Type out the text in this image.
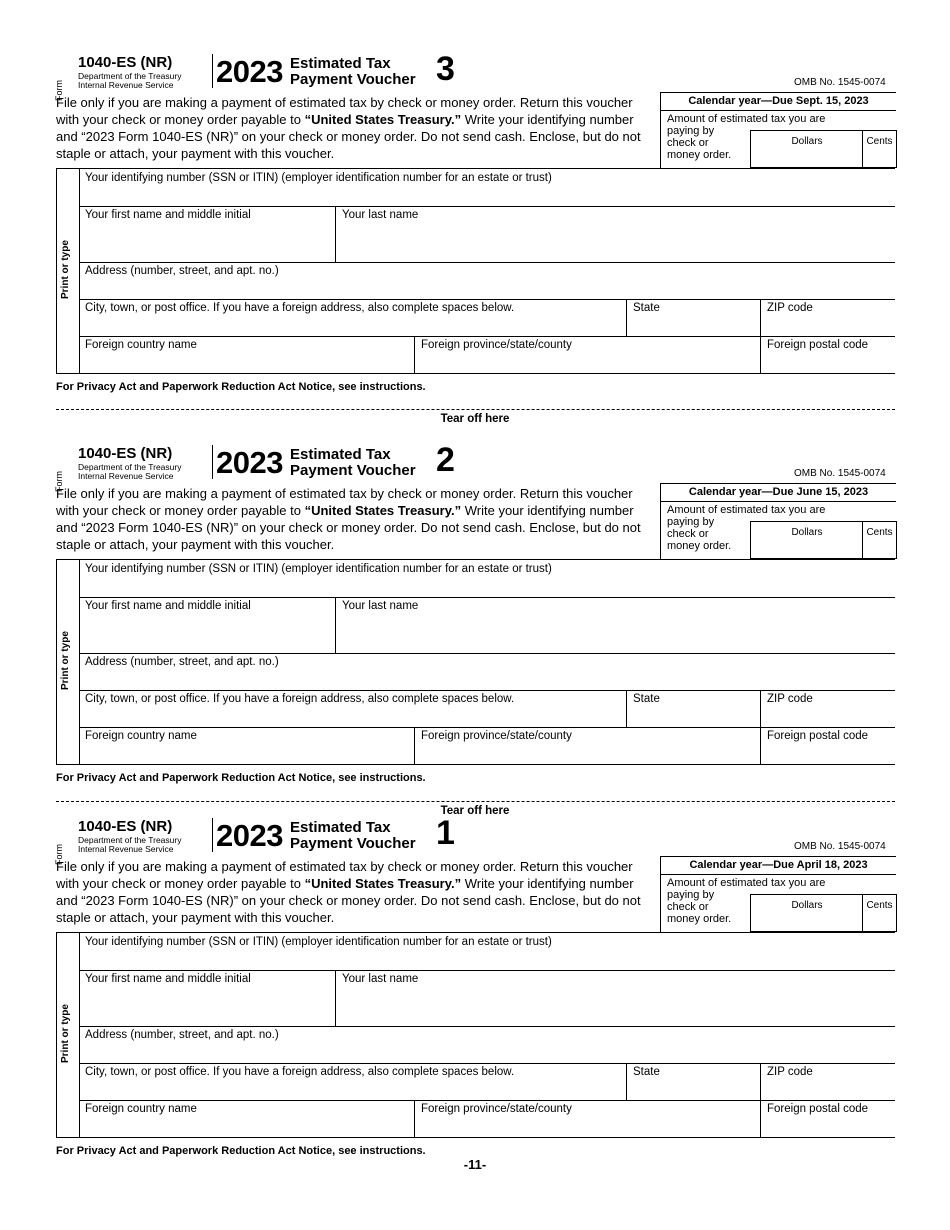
Form
1040-ES (NR)
Department of the Treasury
Internal Revenue Service 2023 Estimated Tax
Payment Voucher 3	OMB No. 1545-0074
File only if you are making a payment of estimated tax by check or money order. Return this voucher with your check or money order payable to “United States Treasury.” Write your identifying number and “2023 Form 1040-ES (NR)” on your check or money order. Do not send cash. Enclose, but do not staple or attach, your payment with this voucher.
Calendar year—Due Sept. 15, 2023
Amount of estimated tax you are
paying by
check or
money order.
Dollars	Cents
Print or type
Your identifying number (SSN or ITIN) (employer identification number for an estate or trust)
Your first name and middle initial	Your last name
Address (number, street, and apt. no.)
City, town, or post office. If you have a foreign address, also complete spaces below.	State	ZIP code
Foreign country name	Foreign province/state/county	Foreign postal code
For Privacy Act and Paperwork Reduction Act Notice, see instructions.
Form
1040-ES (NR)
Department of the Treasury
Internal Revenue Service 2023 Estimated Tax
Payment Voucher 2	OMB No. 1545-0074
File only if you are making a payment of estimated tax by check or money order. Return this voucher with your check or money order payable to “United States Treasury.” Write your identifying number and “2023 Form 1040-ES (NR)” on your check or money order. Do not send cash. Enclose, but do not staple or attach, your payment with this voucher.
Calendar year—Due June 15, 2023
Amount of estimated tax you are
paying by
check or
money order.
Dollars	Cents
Print or type
Your identifying number (SSN or ITIN) (employer identification number for an estate or trust)
Your first name and middle initial	Your last name
Address (number, street, and apt. no.)
City, town, or post office. If you have a foreign address, also complete spaces below.	State	ZIP code
Foreign country name	Foreign province/state/county	Foreign postal code
For Privacy Act and Paperwork Reduction Act Notice, see instructions.
Form
1040-ES (NR)
Department of the Treasury
Internal Revenue Service 2023 Estimated Tax
Payment Voucher 1	OMB No. 1545-0074
File only if you are making a payment of estimated tax by check or money order. Return this voucher with your check or money order payable to “United States Treasury.” Write your identifying number and “2023 Form 1040-ES (NR)” on your check or money order. Do not send cash. Enclose, but do not staple or attach, your payment with this voucher.
Calendar year—Due April 18, 2023
Amount of estimated tax you are
paying by
check or
money order.
Dollars	Cents
Print or type
Your identifying number (SSN or ITIN) (employer identification number for an estate or trust)
Your first name and middle initial	Your last name
Address (number, street, and apt. no.)
City, town, or post office. If you have a foreign address, also complete spaces below.	State	ZIP code
Foreign country name	Foreign province/state/county	Foreign postal code
For Privacy Act and Paperwork Reduction Act Notice, see instructions.
Tear off here
Tear off here
-11-
